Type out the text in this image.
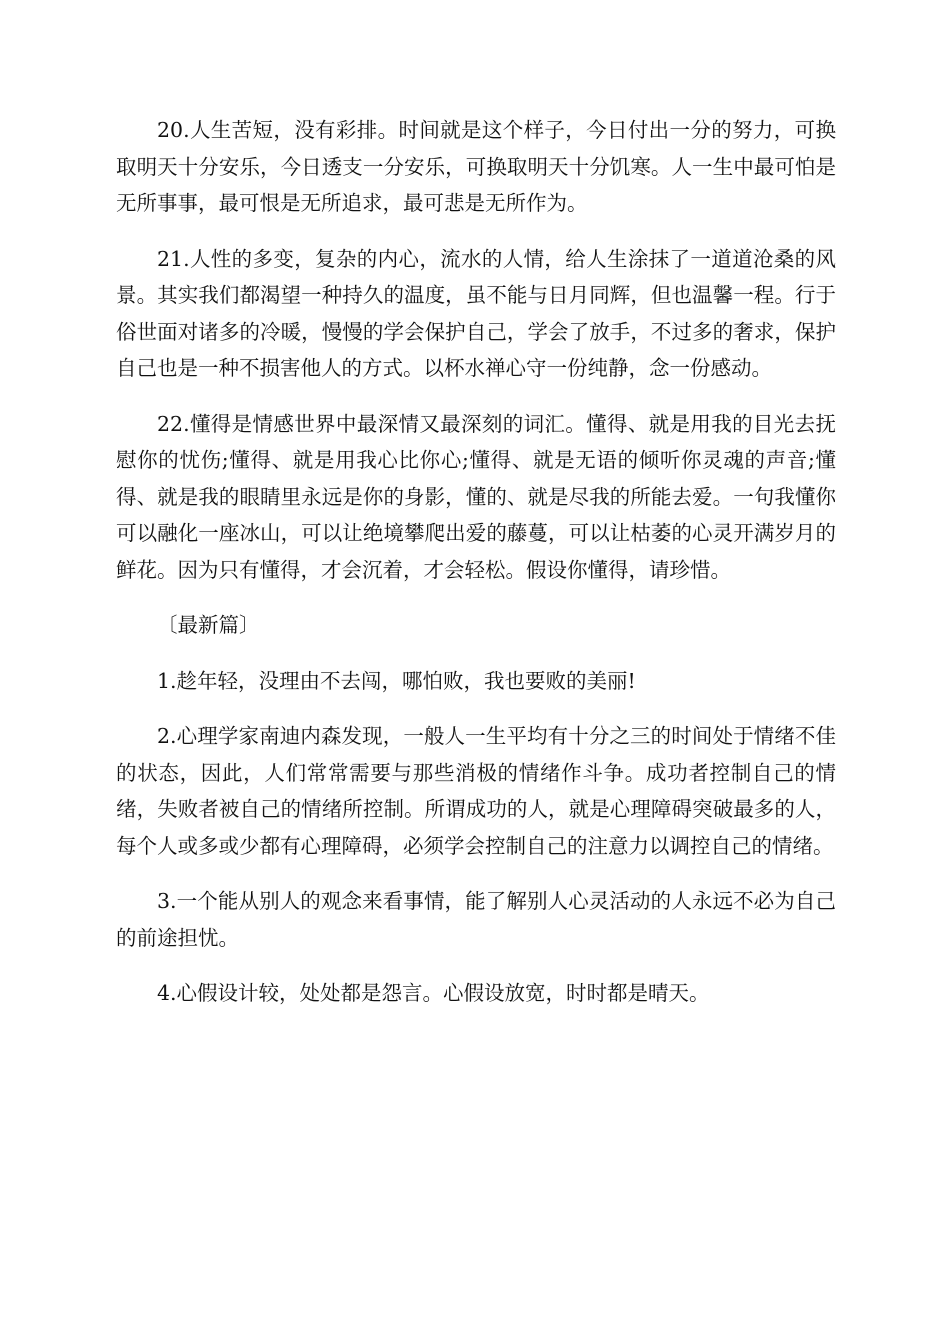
20.人生苦短，没有彩排。时间就是这个样子，今日付出一分的努力，可换取明天十分安乐，今日透支一分安乐，可换取明天十分饥寒。人一生中最可怕是无所事事，最可恨是无所追求，最可悲是无所作为。

21.人性的多变，复杂的内心，流水的人情，给人生涂抹了一道道沧桑的风景。其实我们都渴望一种持久的温度，虽不能与日月同辉，但也温馨一程。行于俗世面对诸多的冷暖，慢慢的学会保护自己，学会了放手，不过多的奢求，保护自己也是一种不损害他人的方式。以杯水禅心守一份纯静，念一份感动。

22.懂得是情感世界中最深情又最深刻的词汇。懂得、就是用我的目光去抚慰你的忧伤;懂得、就是用我心比你心;懂得、就是无语的倾听你灵魂的声音;懂得、就是我的眼睛里永远是你的身影，懂的、就是尽我的所能去爱。一句我懂你可以融化一座冰山，可以让绝境攀爬出爱的藤蔓，可以让枯萎的心灵开满岁月的鲜花。因为只有懂得，才会沉着，才会轻松。假设你懂得，请珍惜。

〔最新篇〕

1.趁年轻，没理由不去闯，哪怕败，我也要败的美丽!

2.心理学家南迪内森发现，一般人一生平均有十分之三的时间处于情绪不佳的状态，因此，人们常常需要与那些消极的情绪作斗争。成功者控制自己的情绪，失败者被自己的情绪所控制。所谓成功的人，就是心理障碍突破最多的人，每个人或多或少都有心理障碍，必须学会控制自己的注意力以调控自己的情绪。

3.一个能从别人的观念来看事情，能了解别人心灵活动的人永远不必为自己的前途担忧。

4.心假设计较，处处都是怨言。心假设放宽，时时都是晴天。
